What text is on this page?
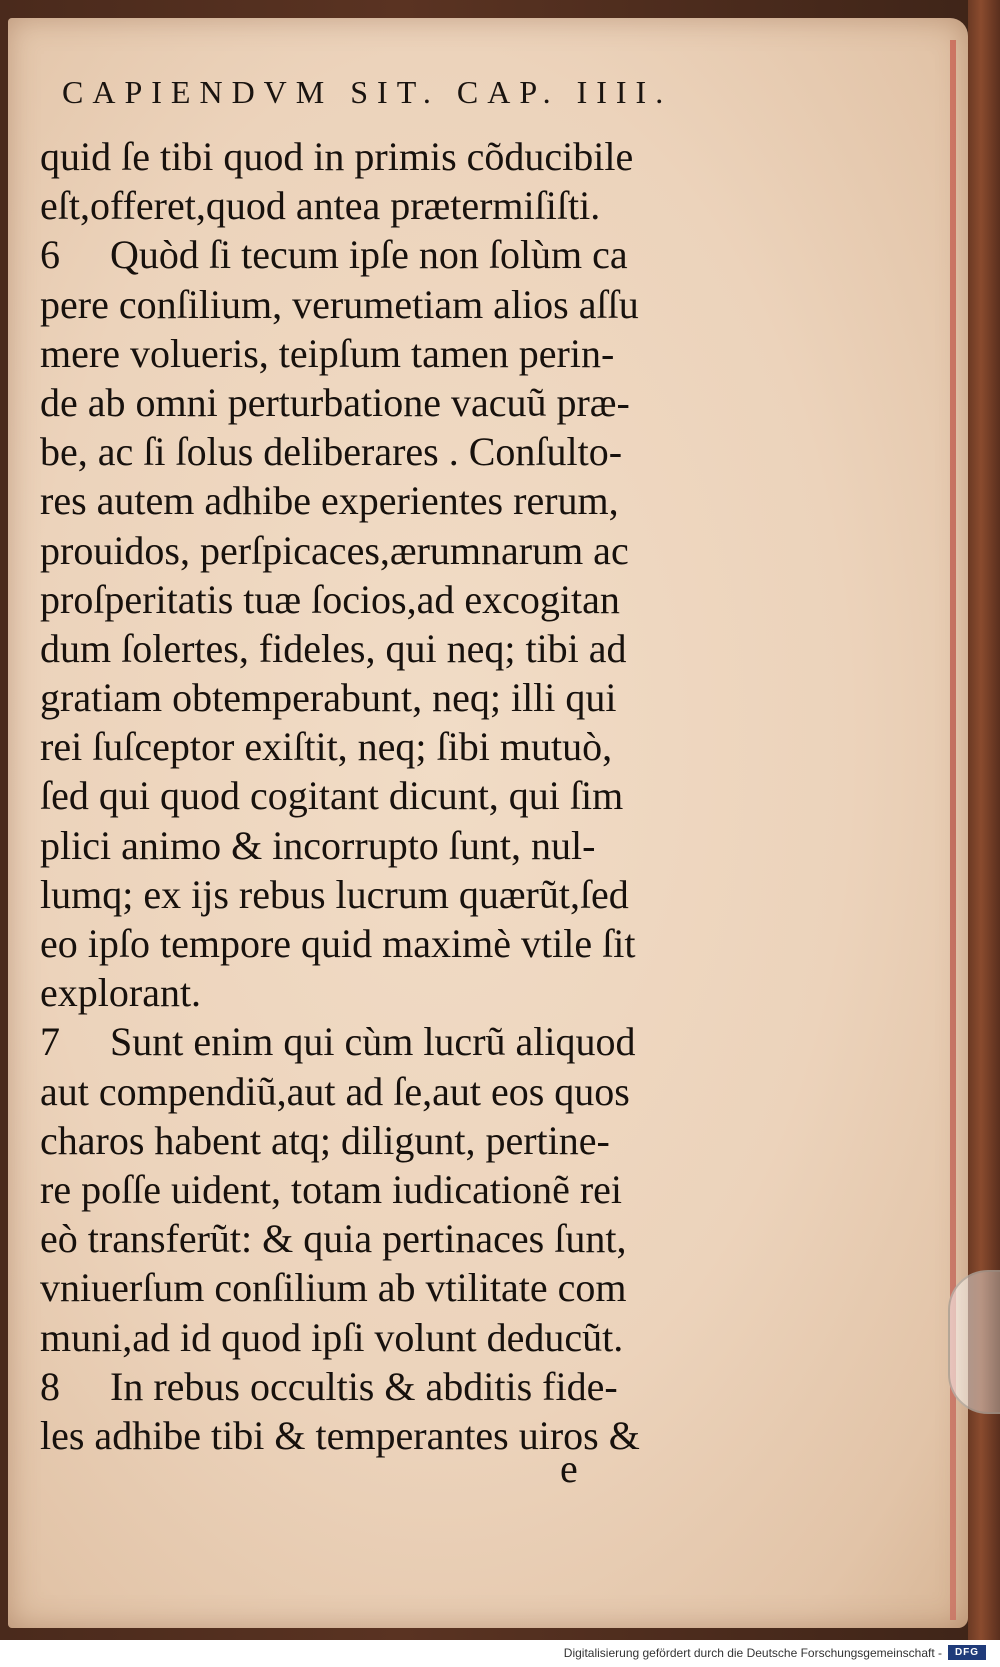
CAPIENDVM SIT. CAP. IIII.
quid ſe tibi quod in primis cõducibile
eſt,offeret,quod antea prætermiſiſti.
6 Quòd ſi tecum ipſe non ſolùm ca
pere conſilium, verumetiam alios aſſu
mere volueris, teipſum tamen perin-
de ab omni perturbatione vacuũ præ-
be, ac ſi ſolus deliberares . Conſulto-
res autem adhibe experientes rerum,
prouidos, perſpicaces,ærumnarum ac
proſperitatis tuæ ſocios,ad excogitan
dum ſolertes, fideles, qui neq; tibi ad
gratiam obtemperabunt, neq; illi qui
rei ſuſceptor exiſtit, neq; ſibi mutuò,
ſed qui quod cogitant dicunt, qui ſim
plici animo & incorrupto ſunt, nul-
lumq; ex ijs rebus lucrum quærũt,ſed
eo ipſo tempore quid maximè vtile ſit
explorant.
7 Sunt enim qui cùm lucrũ aliquod
aut compendiũ,aut ad ſe,aut eos quos
charos habent atq; diligunt, pertine-
re poſſe uident, totam iudicationẽ rei
eò transferũt: & quia pertinaces ſunt,
vniuerſum conſilium ab vtilitate com
muni,ad id quod ipſi volunt deducũt.
8 In rebus occultis & abditis fide-
les adhibe tibi & temperantes uiros &
e
Digitalisierung gefördert durch die Deutsche Forschungsgemeinschaft -	DFG
